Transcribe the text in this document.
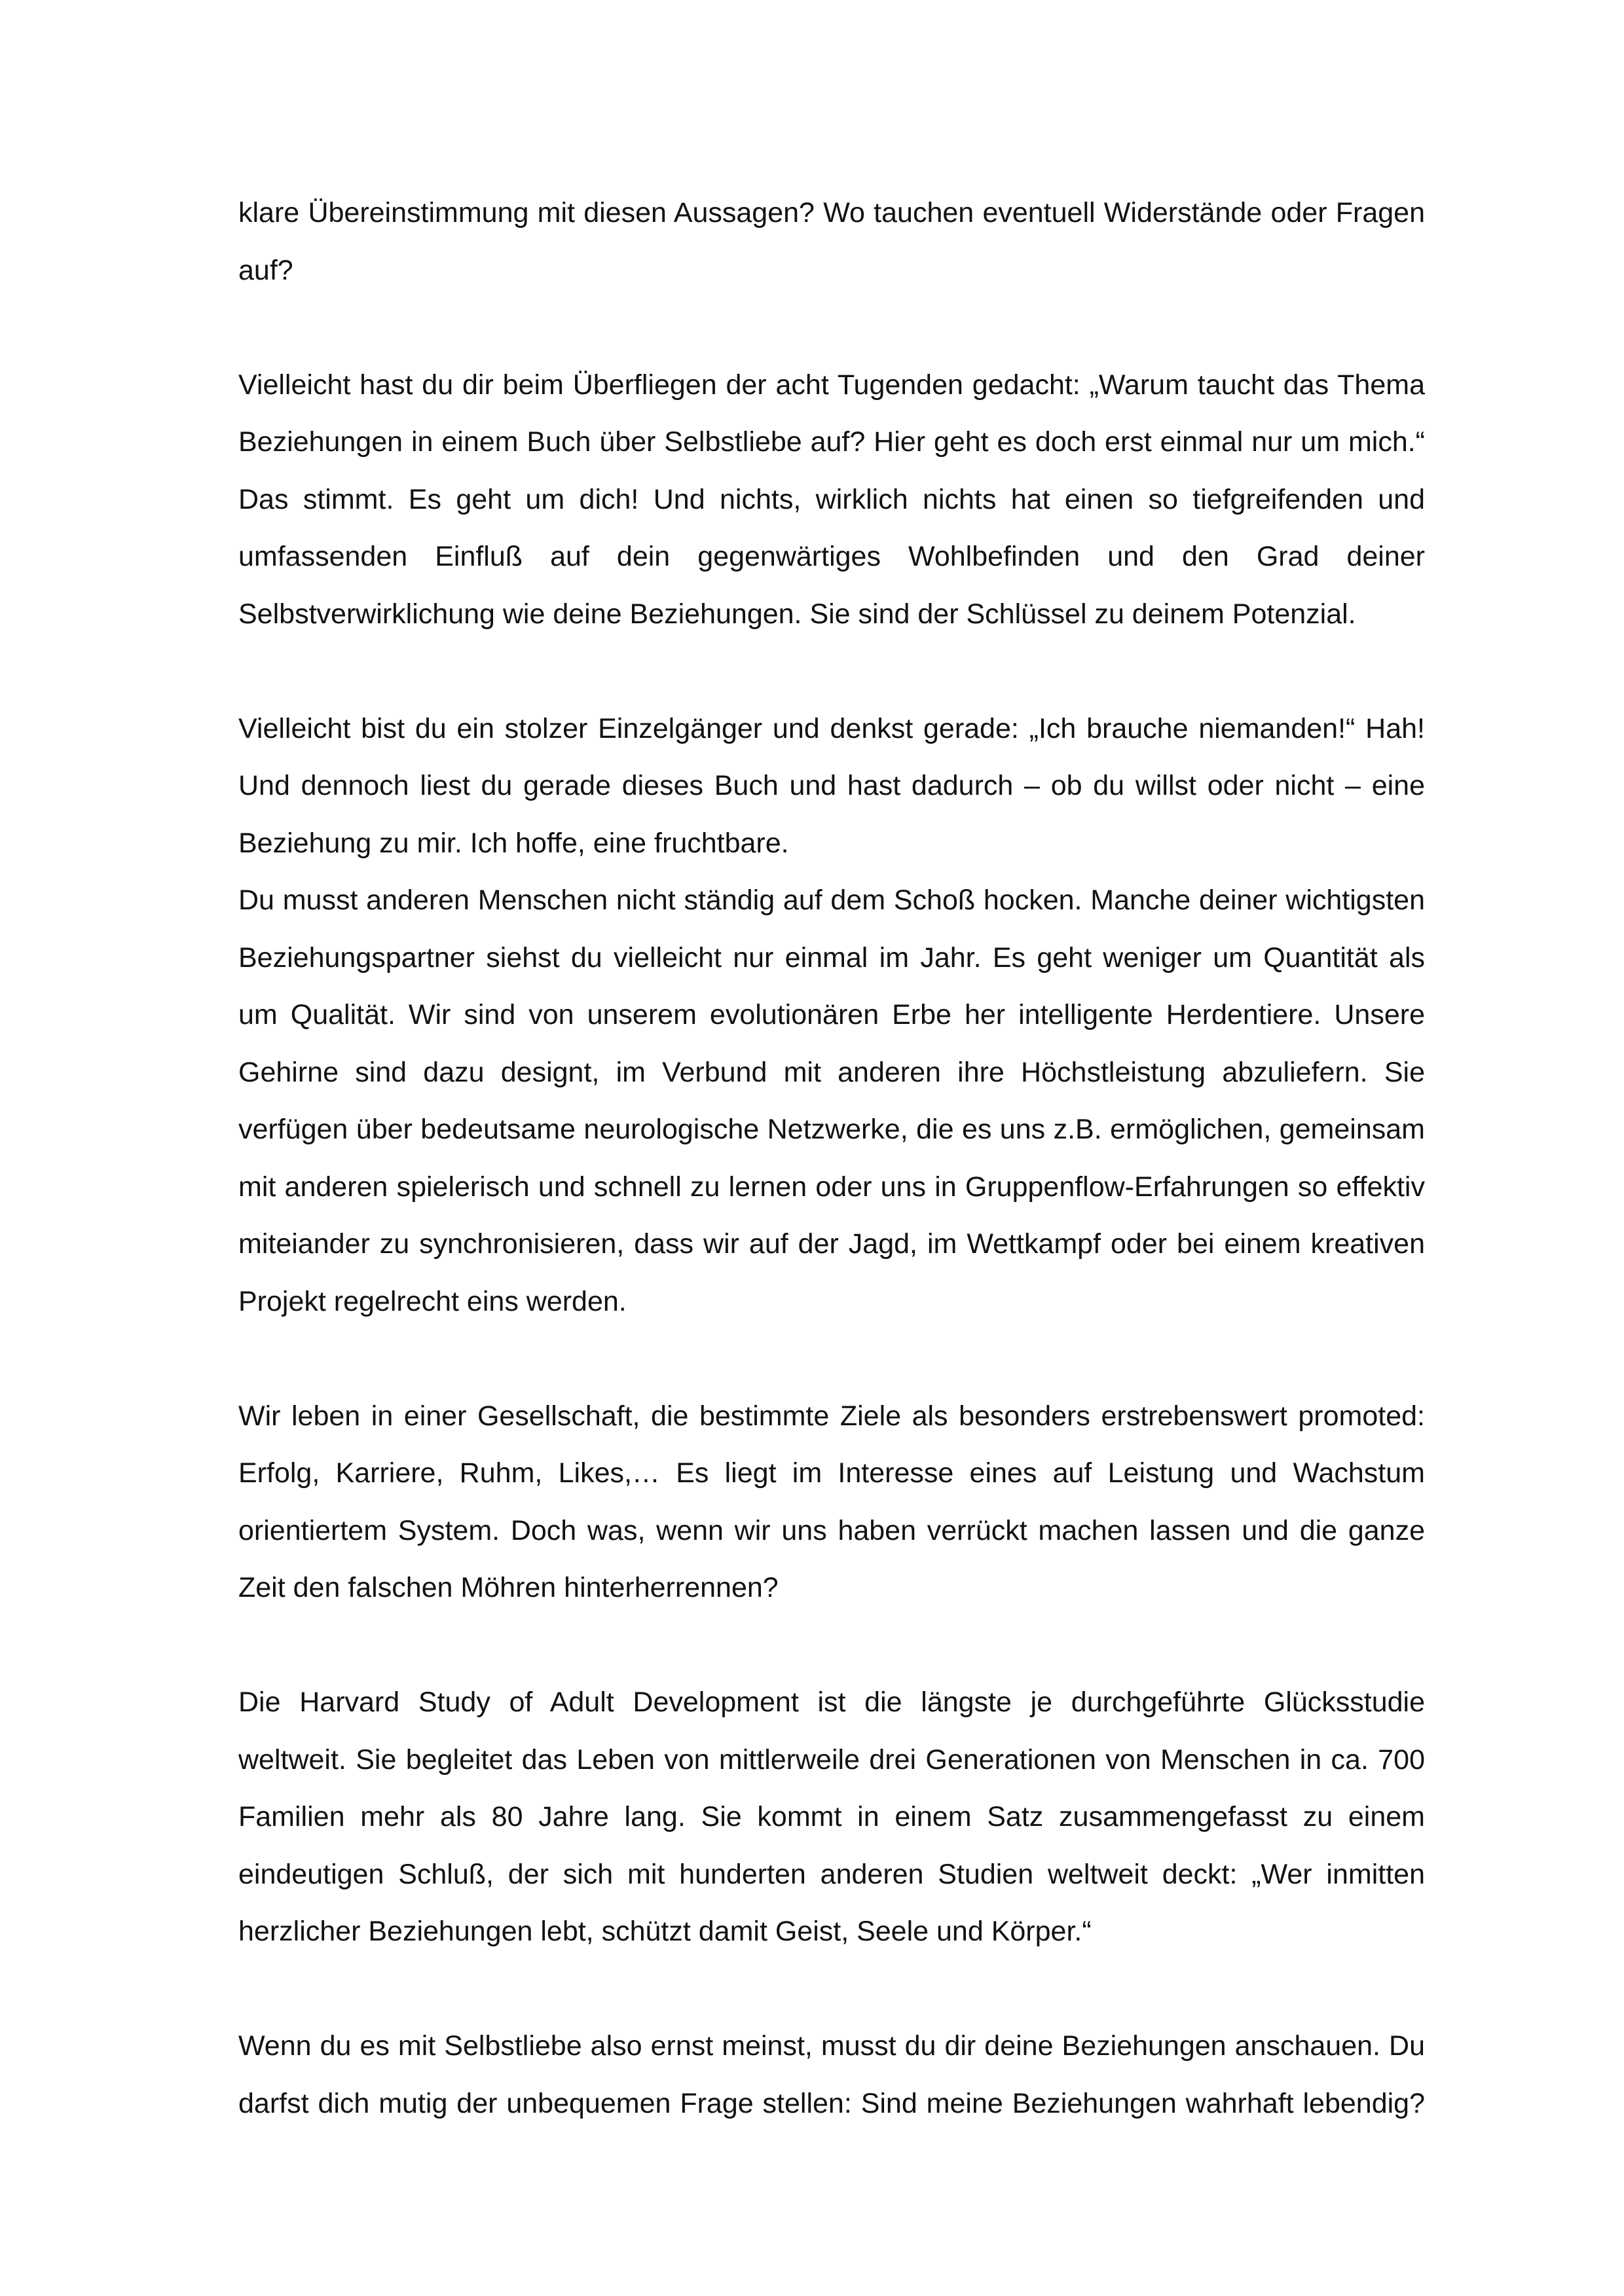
klare Übereinstimmung mit diesen Aussagen? Wo tauchen eventuell Widerstände oder Fragen
auf?
Vielleicht hast du dir beim Überfliegen der acht Tugenden gedacht: „Warum taucht das Thema
Beziehungen in einem Buch über Selbstliebe auf? Hier geht es doch erst einmal nur um mich.“
Das stimmt. Es geht um dich! Und nichts, wirklich nichts hat einen so tiefgreifenden und
umfassenden Einfluß auf dein gegenwärtiges Wohlbefinden und den Grad deiner
Selbstverwirklichung wie deine Beziehungen. Sie sind der Schlüssel zu deinem Potenzial.
Vielleicht bist du ein stolzer Einzelgänger und denkst gerade: „Ich brauche niemanden!“ Hah!
Und dennoch liest du gerade dieses Buch und hast dadurch – ob du willst oder nicht – eine
Beziehung zu mir. Ich hoffe, eine fruchtbare.
Du musst anderen Menschen nicht ständig auf dem Schoß hocken. Manche deiner wichtigsten
Beziehungspartner siehst du vielleicht nur einmal im Jahr. Es geht weniger um Quantität als
um Qualität. Wir sind von unserem evolutionären Erbe her intelligente Herdentiere. Unsere
Gehirne sind dazu designt, im Verbund mit anderen ihre Höchstleistung abzuliefern. Sie
verfügen über bedeutsame neurologische Netzwerke, die es uns z.B. ermöglichen, gemeinsam
mit anderen spielerisch und schnell zu lernen oder uns in Gruppenflow-Erfahrungen so effektiv
miteiander zu synchronisieren, dass wir auf der Jagd, im Wettkampf oder bei einem kreativen
Projekt regelrecht eins werden.
Wir leben in einer Gesellschaft, die bestimmte Ziele als besonders erstrebenswert promoted:
Erfolg, Karriere, Ruhm, Likes,… Es liegt im Interesse eines auf Leistung und Wachstum
orientiertem System. Doch was, wenn wir uns haben verrückt machen lassen und die ganze
Zeit den falschen Möhren hinterherrennen?
Die Harvard Study of Adult Development ist die längste je durchgeführte Glücksstudie
weltweit. Sie begleitet das Leben von mittlerweile drei Generationen von Menschen in ca. 700
Familien mehr als 80 Jahre lang. Sie kommt in einem Satz zusammengefasst zu einem
eindeutigen Schluß, der sich mit hunderten anderen Studien weltweit deckt: „Wer inmitten
herzlicher Beziehungen lebt, schützt damit Geist, Seele und Körper.“
Wenn du es mit Selbstliebe also ernst meinst, musst du dir deine Beziehungen anschauen. Du
darfst dich mutig der unbequemen Frage stellen: Sind meine Beziehungen wahrhaft lebendig?
